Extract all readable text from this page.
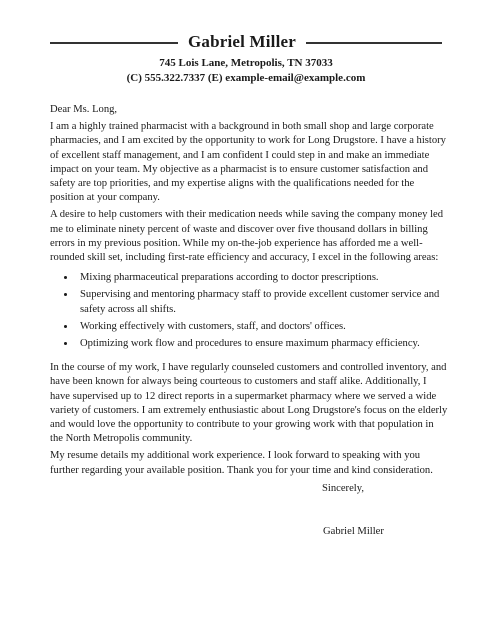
Gabriel Miller
745 Lois Lane, Metropolis, TN 37033
(C) 555.322.7337 (E) example-email@example.com

Dear Ms. Long,

I am a highly trained pharmacist with a background in both small shop and large corporate pharmacies, and I am excited by the opportunity to work for Long Drugstore. I have a history of excellent staff management, and I am confident I could step in and make an immediate impact on your team. My objective as a pharmacist is to ensure customer satisfaction and safety are top priorities, and my expertise aligns with the qualifications needed for the position at your company.

A desire to help customers with their medication needs while saving the company money led me to eliminate ninety percent of waste and discover over five thousand dollars in billing errors in my previous position. While my on-the-job experience has afforded me a well-rounded skill set, including first-rate efficiency and accuracy, I excel in the following areas:

• Mixing pharmaceutical preparations according to doctor prescriptions.
• Supervising and mentoring pharmacy staff to provide excellent customer service and safety across all shifts.
• Working effectively with customers, staff, and doctors' offices.
• Optimizing work flow and procedures to ensure maximum pharmacy efficiency.

In the course of my work, I have regularly counseled customers and controlled inventory, and have been known for always being courteous to customers and staff alike. Additionally, I have supervised up to 12 direct reports in a supermarket pharmacy where we served a wide variety of customers. I am extremely enthusiastic about Long Drugstore's focus on the elderly and would love the opportunity to contribute to your growing work with that population in the North Metropolis community.

My resume details my additional work experience. I look forward to speaking with you further regarding your available position. Thank you for your time and kind consideration.

Sincerely,

Gabriel Miller
